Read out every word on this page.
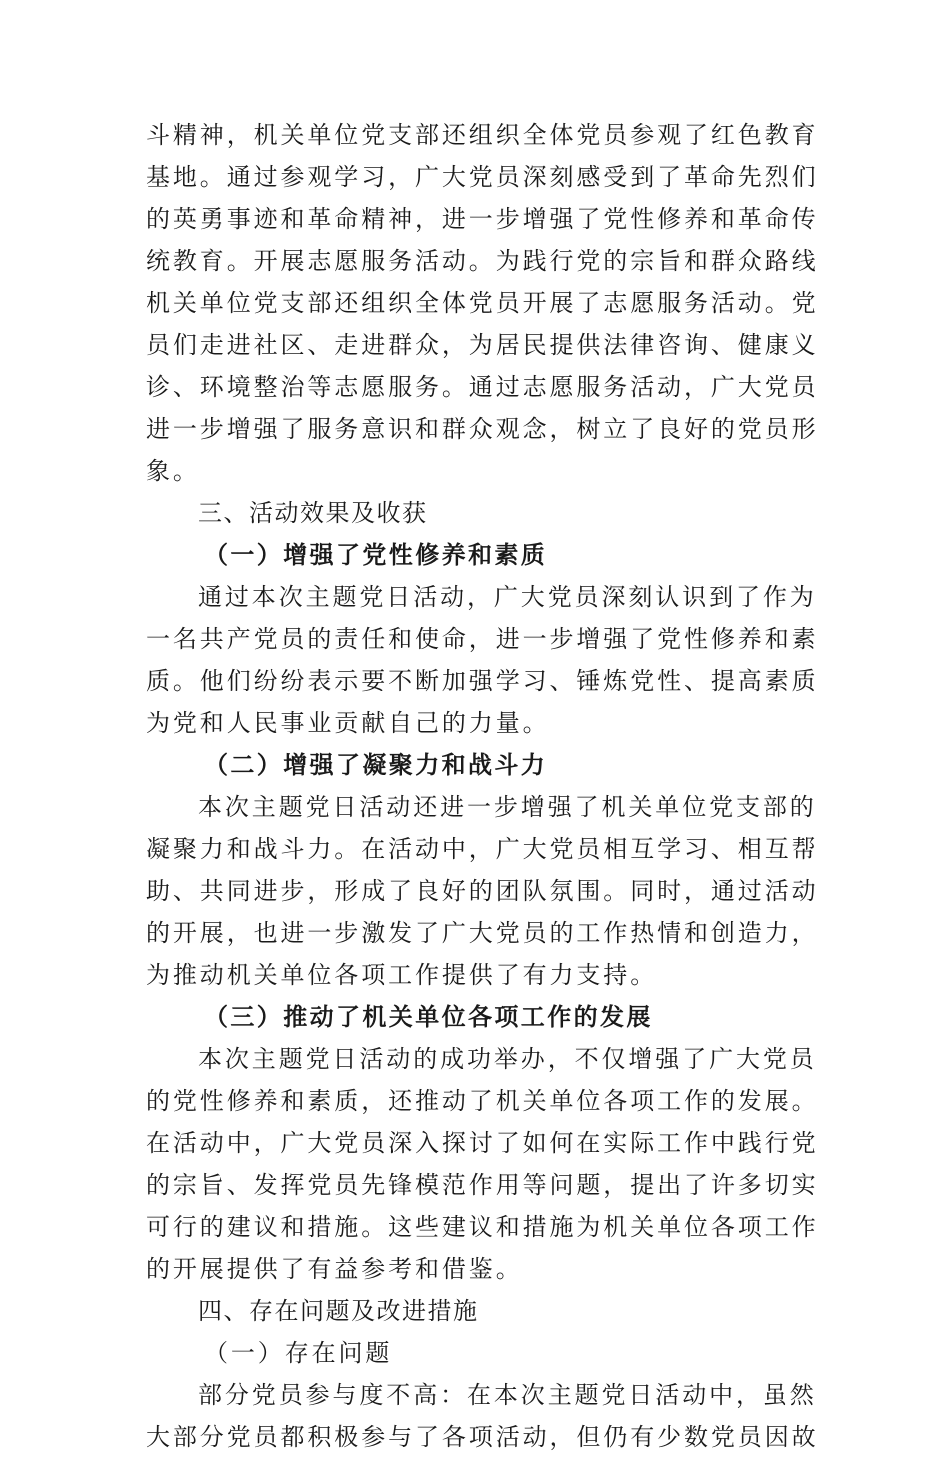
斗精神，机关单位党支部还组织全体党员参观了红色教育
基地。通过参观学习，广大党员深刻感受到了革命先烈们
的英勇事迹和革命精神，进一步增强了党性修养和革命传
统教育。开展志愿服务活动。为践行党的宗旨和群众路线
机关单位党支部还组织全体党员开展了志愿服务活动。党
员们走进社区、走进群众，为居民提供法律咨询、健康义
诊、环境整治等志愿服务。通过志愿服务活动，广大党员
进一步增强了服务意识和群众观念，树立了良好的党员形
象。
三、活动效果及收获
（一）增强了党性修养和素质
通过本次主题党日活动，广大党员深刻认识到了作为
一名共产党员的责任和使命，进一步增强了党性修养和素
质。他们纷纷表示要不断加强学习、锤炼党性、提高素质
为党和人民事业贡献自己的力量。
（二）增强了凝聚力和战斗力
本次主题党日活动还进一步增强了机关单位党支部的
凝聚力和战斗力。在活动中，广大党员相互学习、相互帮
助、共同进步，形成了良好的团队氛围。同时，通过活动
的开展，也进一步激发了广大党员的工作热情和创造力，
为推动机关单位各项工作提供了有力支持。
（三）推动了机关单位各项工作的发展
本次主题党日活动的成功举办，不仅增强了广大党员
的党性修养和素质，还推动了机关单位各项工作的发展。
在活动中，广大党员深入探讨了如何在实际工作中践行党
的宗旨、发挥党员先锋模范作用等问题，提出了许多切实
可行的建议和措施。这些建议和措施为机关单位各项工作
的开展提供了有益参考和借鉴。
四、存在问题及改进措施
（一）存在问题
部分党员参与度不高：在本次主题党日活动中，虽然
大部分党员都积极参与了各项活动，但仍有少数党员因故
